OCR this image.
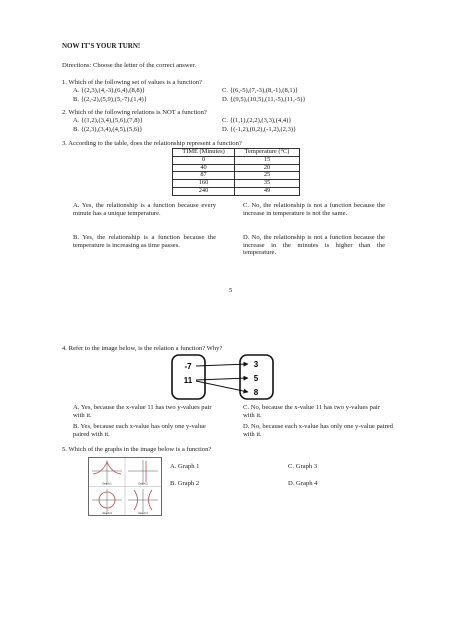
NOW IT'S YOUR TURN!
Directions: Choose the letter of the correct answer.
1. Which of the following set of values is a function?
A. {(2,3),(4,-3),(6,4),(8,8)}	C. {(6,-5),(7,-3),(8,-1),(8,1)}
B. {(2,-2),(5,9),(5,-7),(1,4)}	D. {(9,5),(10,5),(11,-5),(11,-5)}
2. Which of the following relations is NOT a function?
A. {(1,2),(3,4),(5,6),(7,8)}	C. {(1,1),(2,2),(3,3),(4,4)}
B. {(2,3),(3,4),(4,5),(5,6)}	D. {(-1,2),(0,2),(-1,2),(2,3)}
3. According to the table, does the relationship represent a function?
TIME (Minutes)	Temperature (°C)
0	15
40	20
87	25
160	35
240	49
A. Yes, the relationship is a function because every minute has a unique temperature.
C. No, the relationship is not a function because the increase in temperature is not the same.
B. Yes, the relationship is a function because the temperature is increasing as time passes.
D. No, the relationship is not a function because the increase in the minutes is higher than the temperature.
5
4. Refer to the image below, is the relation a function? Why?
-7
11
3
5
8
A. Yes, because the x-value 11 has two y-values pair with it.
C. No, because the x-value 11 has two y-values pair with it.
B. Yes, because each x-value has only one y-value paired with it.
D. No, because each x-value has only one y-value paired with it.
5. Which of the graphs in the image below is a function?
Graph 1	Graph 2
Graph 3	Graph 4
A. Graph 1	C. Graph 3
B. Graph 2	D. Graph 4
